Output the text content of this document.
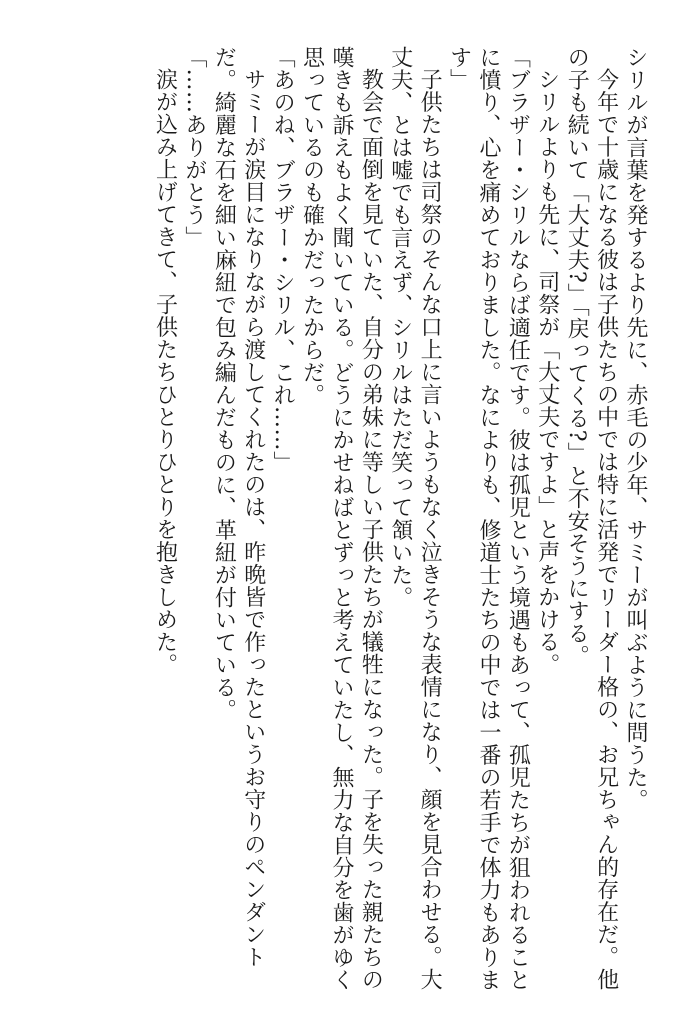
シリルが言葉を発するより先に、赤毛の少年、サミーが叫ぶように問うた。
今年で十歳になる彼は子供たちの中では特に活発でリーダー格の、お兄ちゃん的存在だ。他
の子も続いて「大丈夫?」「戻ってくる?」と不安そうにする。
シリルよりも先に、司祭が「大丈夫ですよ」と声をかける。
「ブラザー・シリルならば適任です。彼は孤児という境遇もあって、孤児たちが狙われること
に憤り、心を痛めておりました。なによりも、修道士たちの中では一番の若手で体力もありま
す」
子供たちは司祭のそんな口上に言いようもなく泣きそうな表情になり、顔を見合わせる。大
丈夫、とは嘘でも言えず、シリルはただ笑って頷いた。
教会で面倒を見ていた、自分の弟妹に等しい子供たちが犠牲になった。子を失った親たちの
嘆きも訴えもよく聞いている。どうにかせねばとずっと考えていたし、無力な自分を歯がゆく
思っているのも確かだったからだ。
「あのね、ブラザー・シリル、これ……」
サミーが涙目になりながら渡してくれたのは、昨晩皆で作ったというお守りのペンダント
だ。綺麗な石を細い麻紐で包み編んだものに、革紐が付いている。
「……ありがとう」
涙が込み上げてきて、子供たちひとりひとりを抱きしめた。
